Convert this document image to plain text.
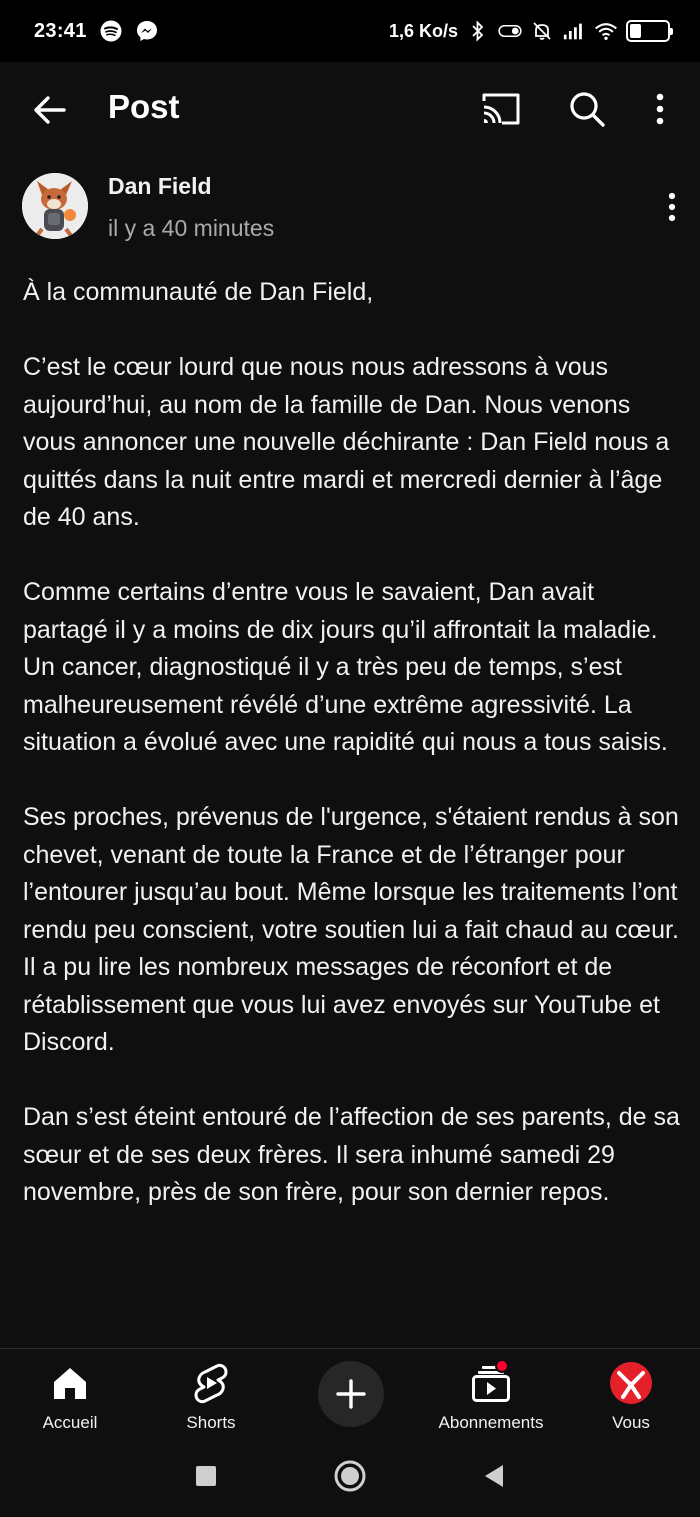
23:41	1,6 Ko/s	38
Post
Dan Field
il y a 40 minutes

À la communauté de Dan Field,

C’est le cœur lourd que nous nous adressons à vous aujourd’hui, au nom de la famille de Dan. Nous venons vous annoncer une nouvelle déchirante : Dan Field nous a quittés dans la nuit entre mardi et mercredi dernier à l’âge de 40 ans.

Comme certains d’entre vous le savaient, Dan avait partagé il y a moins de dix jours qu’il affrontait la maladie. Un cancer, diagnostiqué il y a très peu de temps, s’est malheureusement révélé d’une extrême agressivité. La situation a évolué avec une rapidité qui nous a tous saisis.

Ses proches, prévenus de l'urgence, s'étaient rendus à son chevet, venant de toute la France et de l’étranger pour l’entourer jusqu’au bout. Même lorsque les traitements l’ont rendu peu conscient, votre soutien lui a fait chaud au cœur. Il a pu lire les nombreux messages de réconfort et de rétablissement que vous lui avez envoyés sur YouTube et Discord.

Dan s’est éteint entouré de l’affection de ses parents, de sa sœur et de ses deux frères. Il sera inhumé samedi 29 novembre, près de son frère, pour son dernier repos.

Accueil	Shorts	Abonnements	Vous
